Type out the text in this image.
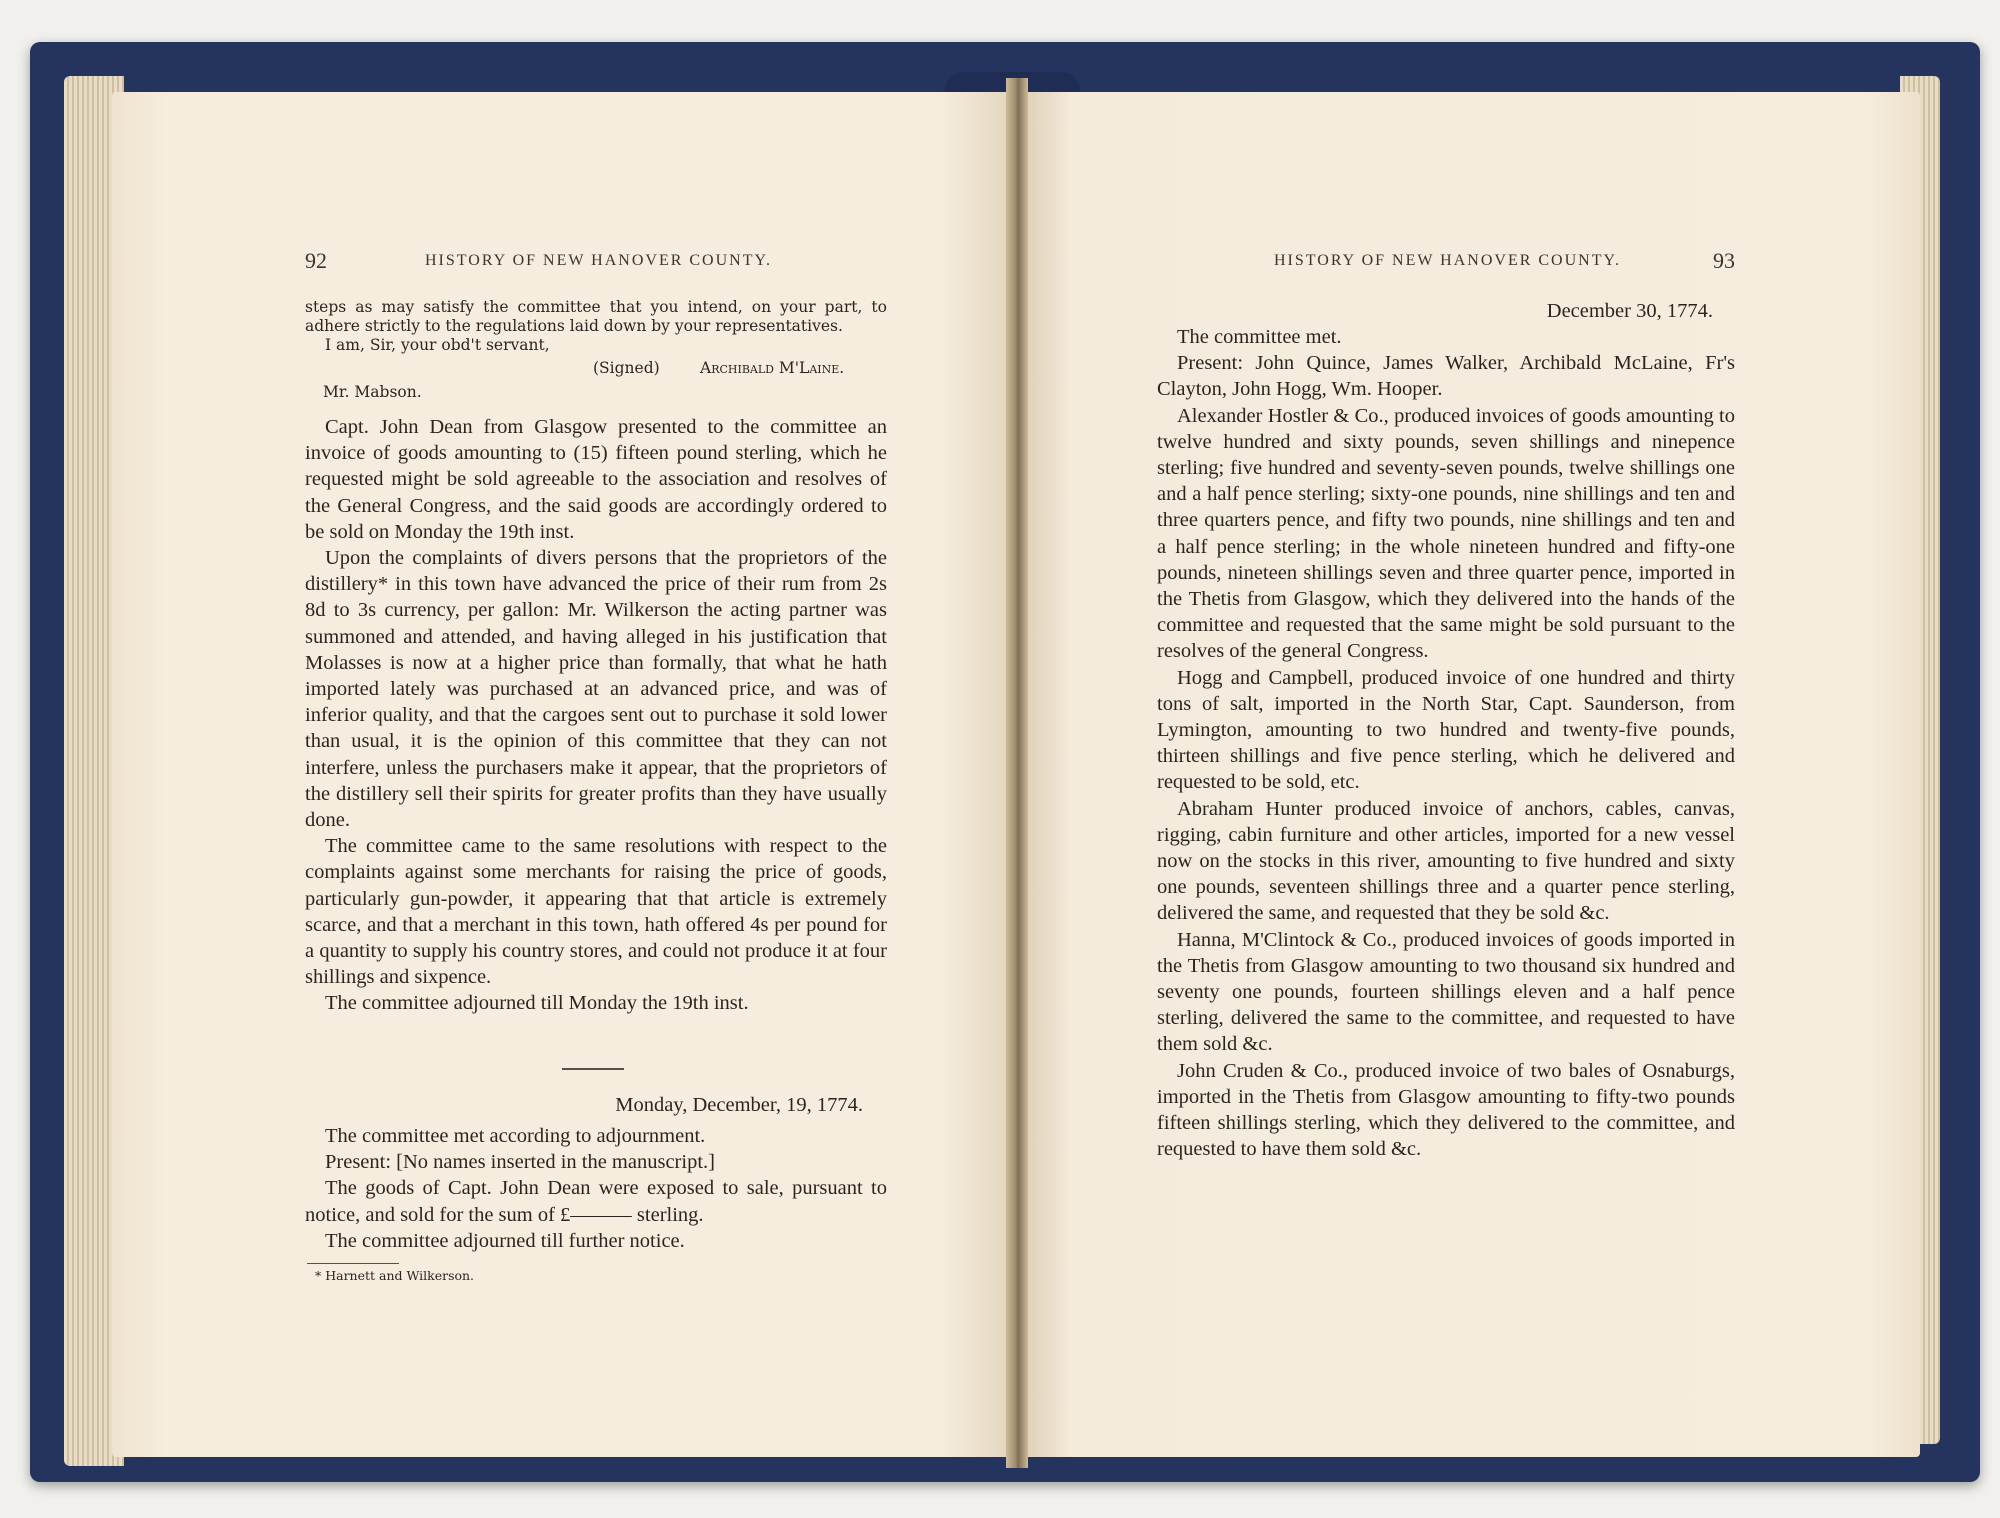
92	HISTORY OF NEW HANOVER COUNTY.

steps as may satisfy the committee that you intend, on your part, to adhere strictly to the regulations laid down by your representatives.

I am, Sir, your obd't servant,

(Signed)	Archibald M'Laine.

Mr. Mabson.

Capt. John Dean from Glasgow presented to the committee an invoice of goods amounting to (15) fifteen pound sterling, which he requested might be sold agreeable to the association and resolves of the General Congress, and the said goods are accordingly ordered to be sold on Monday the 19th inst.

Upon the complaints of divers persons that the proprietors of the distillery* in this town have advanced the price of their rum from 2s 8d to 3s currency, per gallon: Mr. Wilkerson the acting partner was summoned and attended, and having alleged in his justification that Molasses is now at a higher price than formally, that what he hath imported lately was purchased at an advanced price, and was of inferior quality, and that the cargoes sent out to purchase it sold lower than usual, it is the opinion of this committee that they can not interfere, unless the purchasers make it appear, that the proprietors of the distillery sell their spirits for greater profits than they have usually done.

The committee came to the same resolutions with respect to the complaints against some merchants for raising the price of goods, particularly gun-powder, it appearing that that article is extremely scarce, and that a merchant in this town, hath offered 4s per pound for a quantity to supply his country stores, and could not produce it at four shillings and sixpence.

The committee adjourned till Monday the 19th inst.

Monday, December, 19, 1774.

The committee met according to adjournment.

Present: [No names inserted in the manuscript.]

The goods of Capt. John Dean were exposed to sale, pursuant to notice, and sold for the sum of £——— sterling.

The committee adjourned till further notice.

* Harnett and Wilkerson.
HISTORY OF NEW HANOVER COUNTY.	93
December 30, 1774.

The committee met.

Present: John Quince, James Walker, Archibald McLaine, Fr's Clayton, John Hogg, Wm. Hooper.

Alexander Hostler & Co., produced invoices of goods amounting to twelve hundred and sixty pounds, seven shillings and ninepence sterling; five hundred and seventy-seven pounds, twelve shillings one and a half pence sterling; sixty-one pounds, nine shillings and ten and three quarters pence, and fifty two pounds, nine shillings and ten and a half pence sterling; in the whole nineteen hundred and fifty-one pounds, nineteen shillings seven and three quarter pence, imported in the Thetis from Glasgow, which they delivered into the hands of the committee and requested that the same might be sold pursuant to the resolves of the general Congress.

Hogg and Campbell, produced invoice of one hundred and thirty tons of salt, imported in the North Star, Capt. Saunderson, from Lymington, amounting to two hundred and twenty-five pounds, thirteen shillings and five pence sterling, which he delivered and requested to be sold, etc.

Abraham Hunter produced invoice of anchors, cables, canvas, rigging, cabin furniture and other articles, imported for a new vessel now on the stocks in this river, amounting to five hundred and sixty one pounds, seventeen shillings three and a quarter pence sterling, delivered the same, and requested that they be sold &c.

Hanna, M'Clintock & Co., produced invoices of goods imported in the Thetis from Glasgow amounting to two thousand six hundred and seventy one pounds, fourteen shillings eleven and a half pence sterling, delivered the same to the committee, and requested to have them sold &c.

John Cruden & Co., produced invoice of two bales of Osnaburgs, imported in the Thetis from Glasgow amounting to fifty-two pounds fifteen shillings sterling, which they delivered to the committee, and requested to have them sold &c.
